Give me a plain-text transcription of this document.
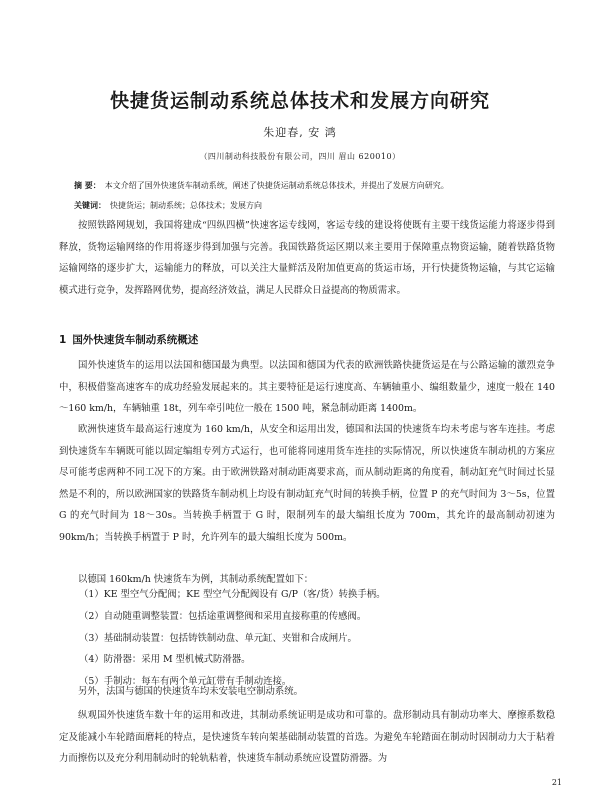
快捷货运制动系统总体技术和发展方向研究
朱迎春, 安 鸿
（四川制动科技股份有限公司，四川 眉山 620010）
摘 要： 本文介绍了国外快速货车制动系统，阐述了快捷货运制动系统总体技术，并提出了发展方向研究。
关键词： 快捷货运；制动系统；总体技术；发展方向

按照铁路网规划，我国将建成“四纵四横”快速客运专线网，客运专线的建设将使既有主要干线货运能力将逐步得到释放，货物运输网络的作用将逐步得到加强与完善。我国铁路货运区期以来主要用于保障重点物资运输，随着铁路货物运输网络的逐步扩大，运输能力的释放，可以关注大量鲜活及附加值更高的货运市场，开行快捷货物运输，与其它运输模式进行竞争，发挥路网优势，提高经济效益，满足人民群众日益提高的物质需求。

1 国外快速货车制动系统概述

国外快速货车的运用以法国和德国最为典型。以法国和德国为代表的欧洲铁路快捷货运是在与公路运输的激烈竞争中，积极借鉴高速客车的成功经验发展起来的。其主要特征是运行速度高、车辆轴重小、编组数量少，速度一般在 140～160 km/h，车辆轴重 18t，列车牵引吨位一般在 1500 吨，紧急制动距离 1400m。

欧洲快速货车最高运行速度为 160 km/h，从安全和运用出发，德国和法国的快速货车均未考虑与客车连挂。考虑到快速货车车辆既可能以固定编组专列方式运行，也可能将同速用货车连挂的实际情况，所以快速货车制动机的方案应尽可能考虑两种不同工况下的方案。由于欧洲铁路对制动距离要求高，而从制动距离的角度看，制动缸充气时间过长显然是不利的，所以欧洲国家的铁路货车制动机上均设有制动缸充气时间的转换手柄，位置 P 的充气时间为 3～5s，位置 G 的充气时间为 18～30s。当转换手柄置于 G 时，限制列车的最大编组长度为 700m，其允许的最高制动初速为 90km/h；当转换手柄置于 P 时，允许列车的最大编组长度为 500m。

以德国 160km/h 快速货车为例，其制动系统配置如下：

（1）KE 型空气分配阀；KE 型空气分配阀设有 G/P（客/货）转换手柄。
（2）自动随重调整装置：包括途重调整阀和采用直接称重的传感阀。
（3）基础制动装置：包括铸铁制动盘、单元缸、夹钳和合成闸片。
（4）防滑器：采用 M 型机械式防滑器。
（5）手制动：每车有两个单元缸带有手制动连接。

另外，法国与德国的快速货车均未安装电空制动系统。

纵观国外快速货车数十年的运用和改进，其制动系统证明是成功和可靠的。盘形制动具有制动功率大、摩擦系数稳定及能减小车轮踏面磨耗的特点，是快速货车转向架基础制动装置的首选。为避免车轮踏面在制动时因制动力大于粘着力而擦伤以及充分利用制动时的轮轨粘着，快速货车制动系统应设置防滑器。为

21
